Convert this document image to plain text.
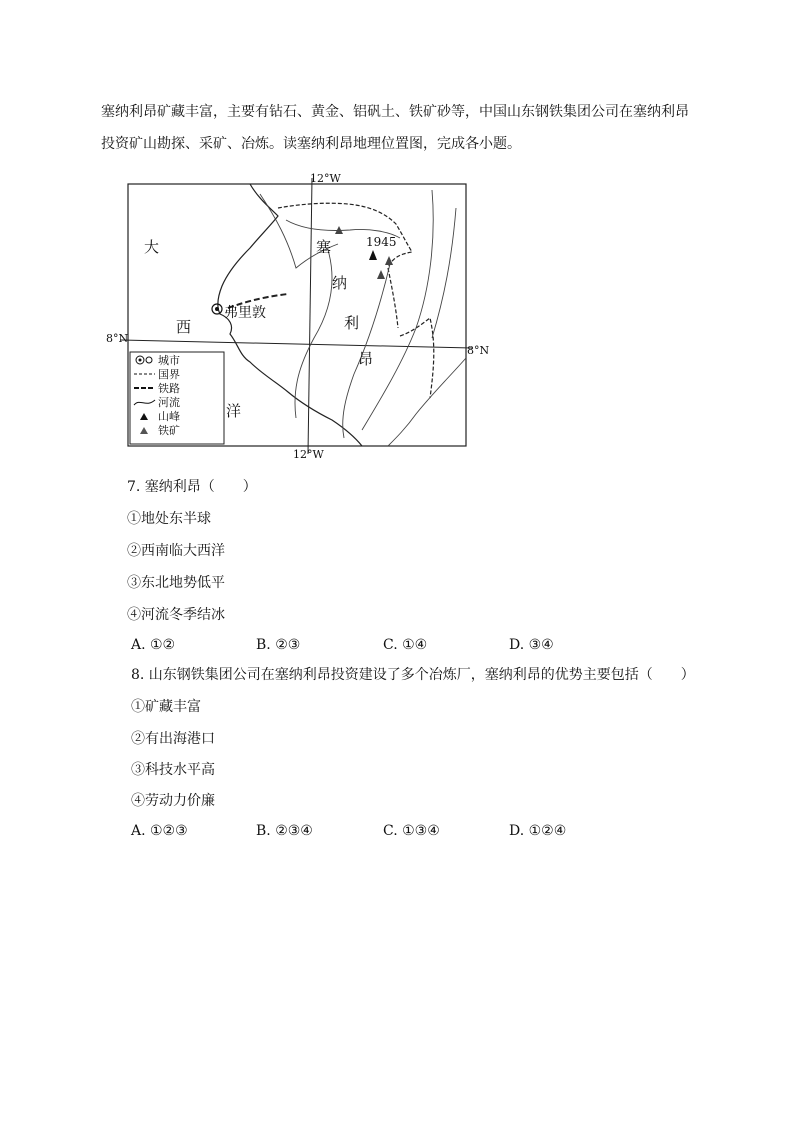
塞纳利昂矿藏丰富，主要有钻石、黄金、铝矾土、铁矿砂等，中国山东钢铁集团公司在塞纳利昂
投资矿山勘探、采矿、冶炼。读塞纳利昂地理位置图，完成各小题。
12°W
12°W
8°N
8°N
大
西
洋
塞
纳
利
昂
弗里敦
1945
城市
国界
铁路
河流
山峰
铁矿
7. 塞纳利昂（　　）
①地处东半球
②西南临大西洋
③东北地势低平
④河流冬季结冰
A. ①②	B. ②③	C. ①④	D. ③④
8. 山东钢铁集团公司在塞纳利昂投资建设了多个冶炼厂，塞纳利昂的优势主要包括（　　）
①矿藏丰富
②有出海港口
③科技水平高
④劳动力价廉
A. ①②③	B. ②③④	C. ①③④	D. ①②④
